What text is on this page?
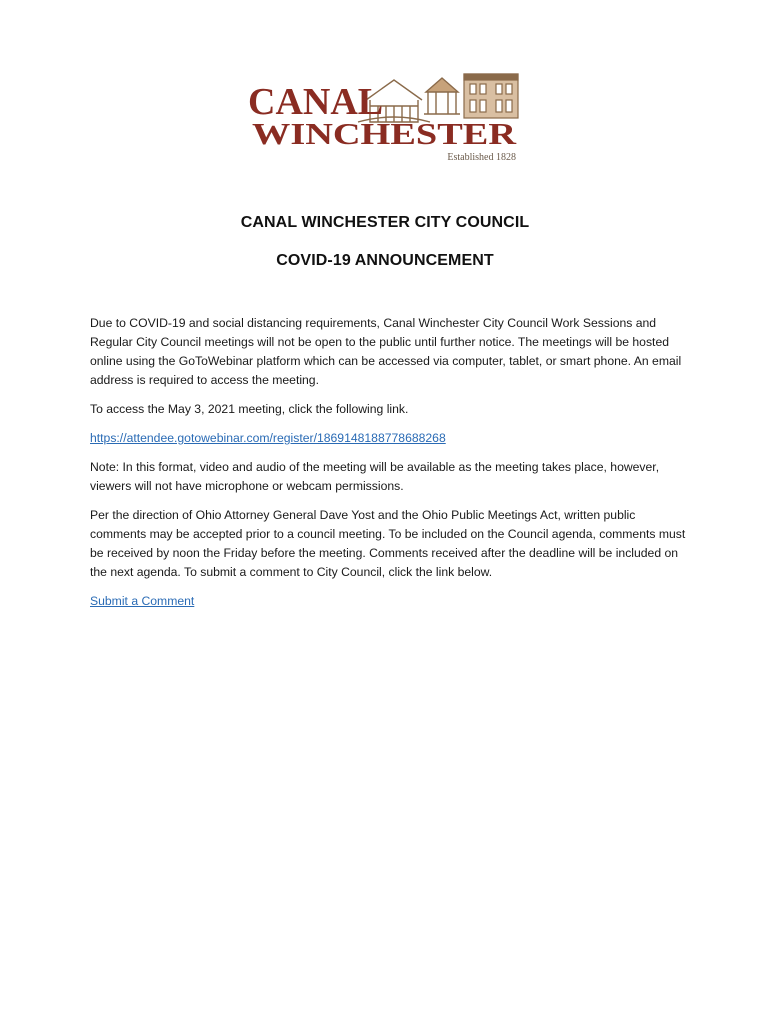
CANAL
WINCHESTER
Established 1828
CANAL WINCHESTER CITY COUNCIL
COVID-19 ANNOUNCEMENT

Due to COVID-19 and social distancing requirements, Canal Winchester City Council Work Sessions and Regular City Council meetings will not be open to the public until further notice. The meetings will be hosted online using the GoToWebinar platform which can be accessed via computer, tablet, or smart phone. An email address is required to access the meeting.

To access the May 3, 2021 meeting, click the following link.

https://attendee.gotowebinar.com/register/1869148188778688268

Note: In this format, video and audio of the meeting will be available as the meeting takes place, however, viewers will not have microphone or webcam permissions.

Per the direction of Ohio Attorney General Dave Yost and the Ohio Public Meetings Act, written public comments may be accepted prior to a council meeting. To be included on the Council agenda, comments must be received by noon the Friday before the meeting. Comments received after the deadline will be included on the next agenda. To submit a comment to City Council, click the link below.

Submit a Comment
